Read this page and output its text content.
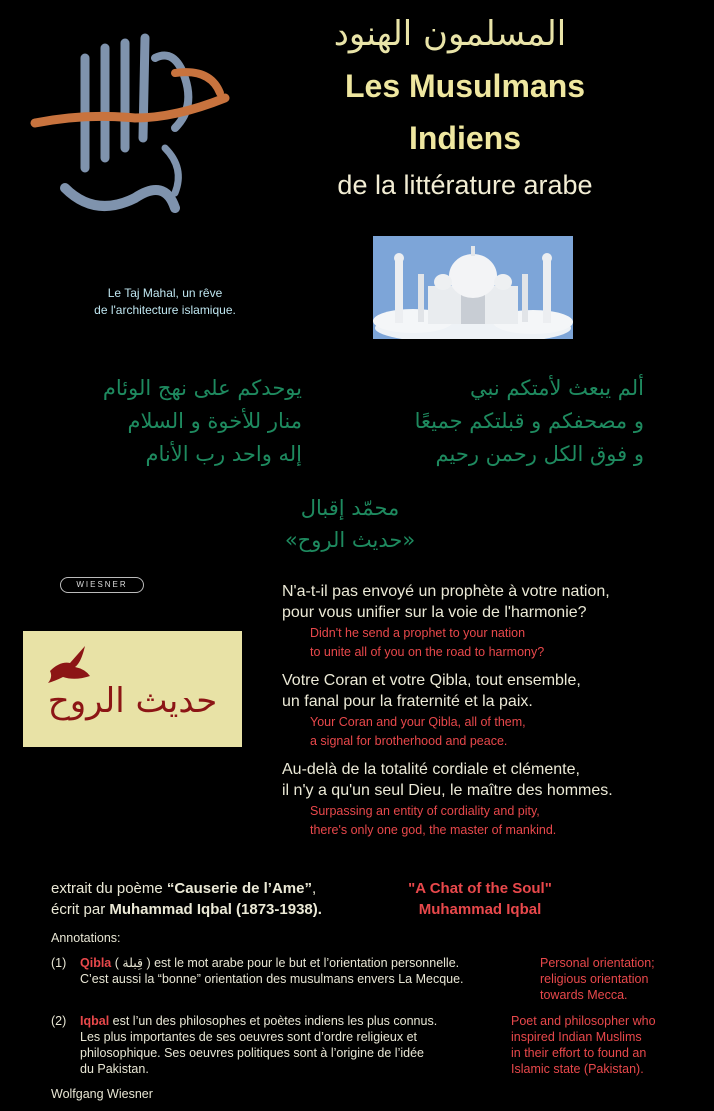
المسلمون الهنود
Les Musulmans
Indiens
de la littérature arabe
Le Taj Mahal, un rêve
de l'architecture islamique.
ألم يبعث لأمتكم نبي
و مصحفكم و قبلتكم جميعًا
و فوق الكل رحمن رحيم
يوحدكم على نهج الوئام
منار للأخوة و السلام
إله واحد رب الأنام
محمّد إقبال
«حديث الروح»
WIESNER
حديث الروح
N'a-t-il pas envoyé un prophète à votre nation,
pour vous unifier sur la voie de l'harmonie?
Didn't he send a prophet to your nation
to unite all of you on the road to harmony?
Votre Coran et votre Qibla, tout ensemble,
un fanal pour la fraternité et la paix.
Your Coran and your Qibla, all of them,
a signal for brotherhood and peace.
Au-delà de la totalité cordiale et clémente,
il n'y a qu'un seul Dieu, le maître des hommes.
Surpassing an entity of cordiality and pity,
there's only one god, the master of mankind.
extrait du poème “Causerie de l’Ame”,
écrit par Muhammad Iqbal (1873-1938).
"A Chat of the Soul"
Muhammad Iqbal
Annotations:
(1) Qibla ( قِبلة ) est le mot arabe pour le but et l’orientation personnelle.
C’est aussi la “bonne” orientation des musulmans envers La Mecque.
Personal orientation;
religious orientation
towards Mecca.
(2) Iqbal est l’un des philosophes et poètes indiens les plus connus.
Les plus importantes de ses oeuvres sont d’ordre religieux et
philosophique. Ses oeuvres politiques sont à l’origine de l’idée
du Pakistan.
Poet and philosopher who
inspired Indian Muslims
in their effort to found an
Islamic state (Pakistan).
Wolfgang Wiesner
